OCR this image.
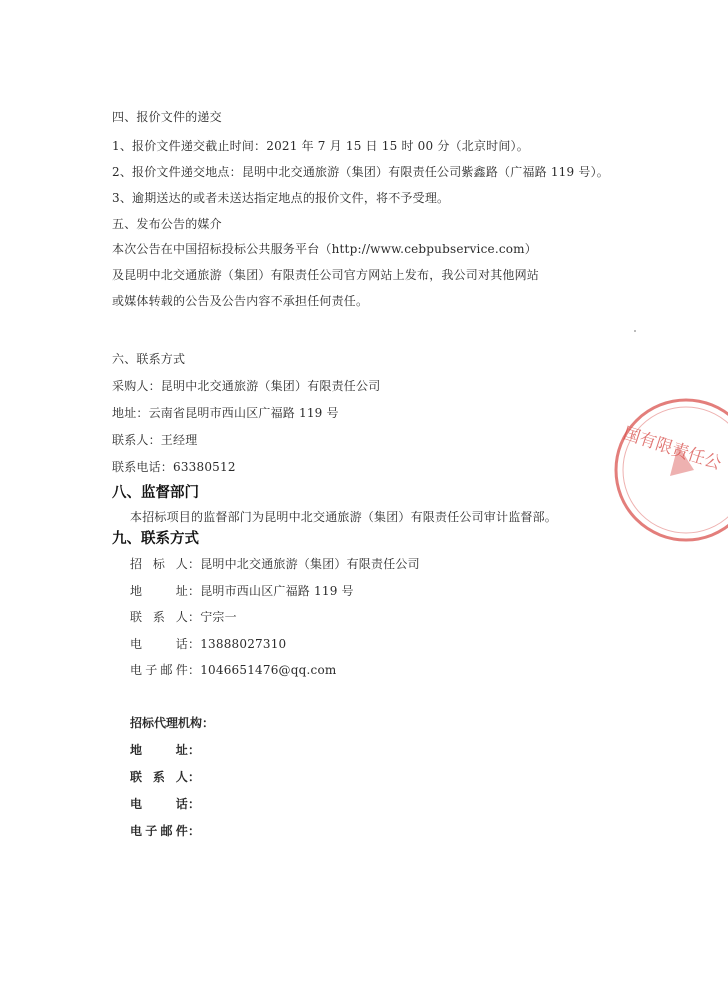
四、报价文件的递交
1、报价文件递交截止时间：2021 年 7 月 15 日 15 时 00 分（北京时间）。
2、报价文件递交地点：昆明中北交通旅游（集团）有限责任公司紫鑫路（广福路 119 号）。
3、逾期送达的或者未送达指定地点的报价文件，将不予受理。
五、发布公告的媒介
本次公告在中国招标投标公共服务平台（http://www.cebpubservice.com）及昆明中北交通旅游（集团）有限责任公司官方网站上发布，我公司对其他网站或媒体转载的公告及公告内容不承担任何责任。
六、联系方式
采购人：昆明中北交通旅游（集团）有限责任公司
地址：云南省昆明市西山区广福路 119 号
联系人：王经理
联系电话：63380512
八、监督部门
本招标项目的监督部门为昆明中北交通旅游（集团）有限责任公司审计监督部。
九、联系方式
招 标 人：昆明中北交通旅游（集团）有限责任公司
地　址：昆明市西山区广福路 119 号
联 系 人：宁宗一
电　话：13888027310
电子邮件：1046651476@qq.com
招标代理机构：
地　址：
联 系 人：
电　话：
电子邮件：
国有限责任公
